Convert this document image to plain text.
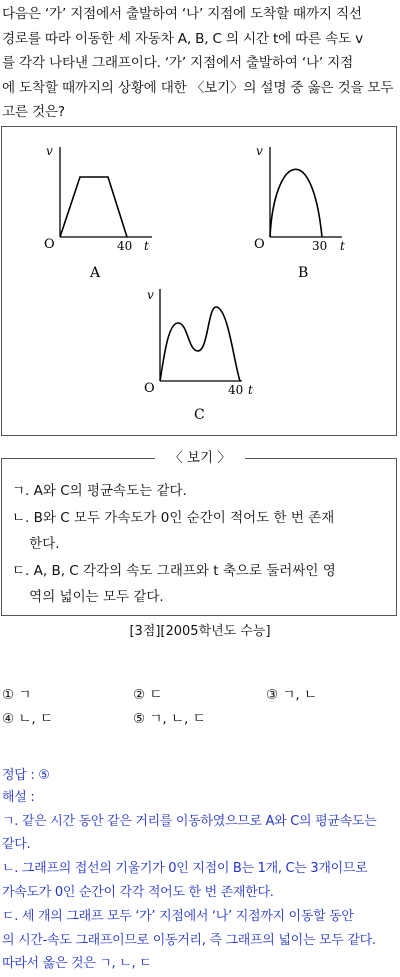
다음은 ‘가’ 지점에서 출발하여 ‘나’ 지점에 도착할 때까지 직선
경로를 따라 이동한 세 자동차 A, B, C 의 시간 t에 따른 속도 v
를 각각 나타낸 그래프이다. ‘가’ 지점에서 출발하여 ‘나’ 지점
에 도착할 때까지의 상황에 대한 〈보기〉의 설명 중 옳은 것을 모두
고른 것은?
v
O	40 t
A
v
O	30 t
B
v
O	40 t
C
〈 보기 〉
ㄱ. A와 C의 평균속도는 같다.
ㄴ. B와 C 모두 가속도가 0인 순간이 적어도 한 번 존재
한다.
ㄷ. A, B, C 각각의 속도 그래프와 t 축으로 둘러싸인 영
역의 넓이는 모두 같다.
[3점][2005학년도 수능]
① ㄱ	② ㄷ	③ ㄱ, ㄴ
④ ㄴ, ㄷ	⑤ ㄱ, ㄴ, ㄷ
정답 : ⑤
해설 :
ㄱ. 같은 시간 동안 같은 거리를 이동하였으므로 A와 C의 평균속도는
같다.
ㄴ. 그래프의 접선의 기울기가 0인 지점이 B는 1개, C는 3개이므로
가속도가 0인 순간이 각각 적어도 한 번 존재한다.
ㄷ. 세 개의 그래프 모두 ‘가’ 지점에서 ‘나’ 지점까지 이동할 동안
의 시간-속도 그래프이므로 이동거리, 즉 그래프의 넓이는 모두 같다.
따라서 옳은 것은 ㄱ, ㄴ, ㄷ
